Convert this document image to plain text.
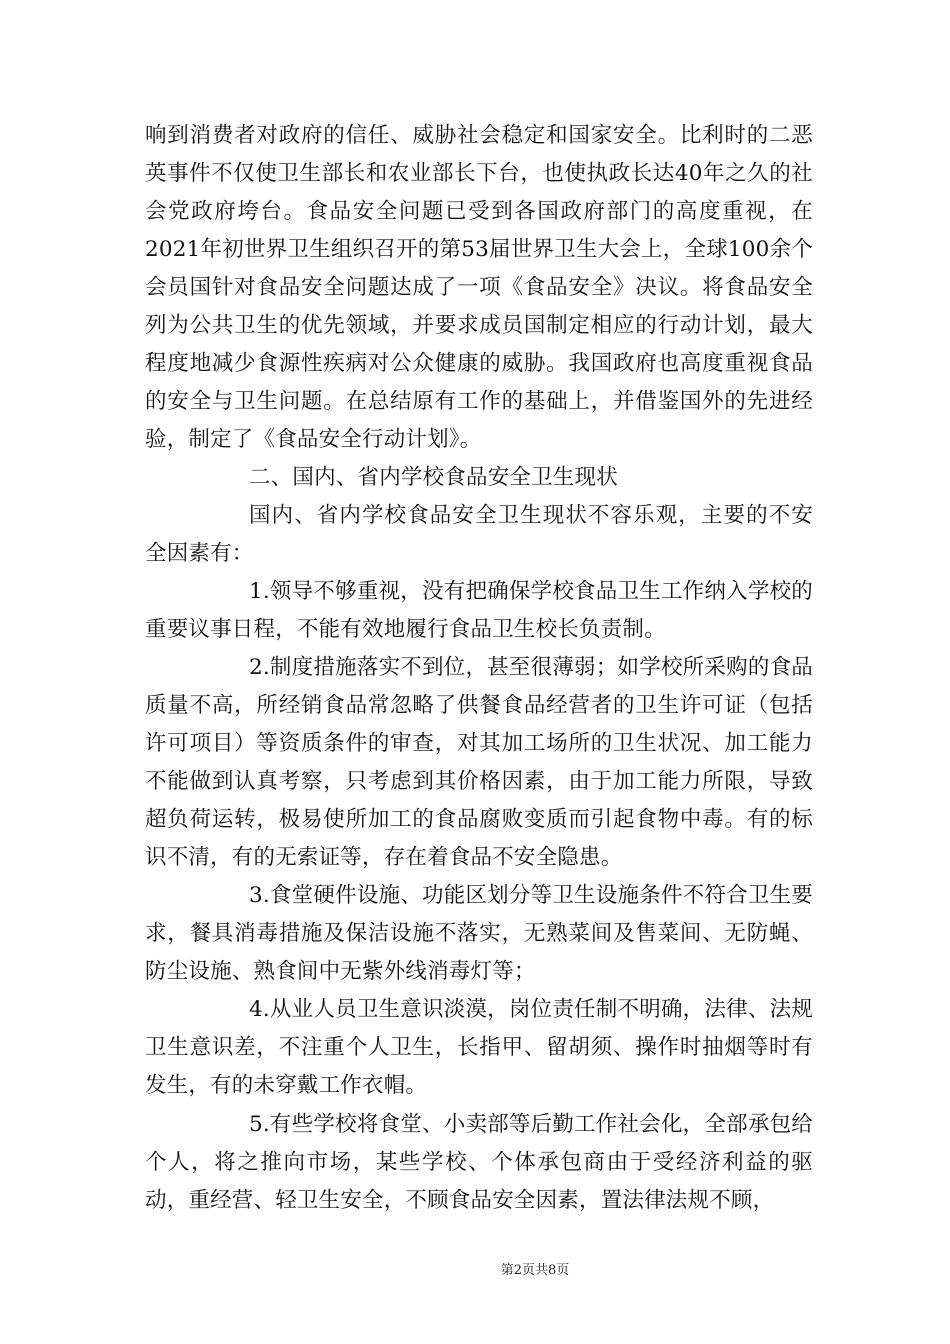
响到消费者对政府的信任、威胁社会稳定和国家安全。比利时的二恶英事件不仅使卫生部长和农业部长下台，也使执政长达40年之久的社会党政府垮台。食品安全问题已受到各国政府部门的高度重视，在2021年初世界卫生组织召开的第53届世界卫生大会上，全球100余个会员国针对食品安全问题达成了一项《食品安全》决议。将食品安全列为公共卫生的优先领域，并要求成员国制定相应的行动计划，最大程度地减少食源性疾病对公众健康的威胁。我国政府也高度重视食品的安全与卫生问题。在总结原有工作的基础上，并借鉴国外的先进经验，制定了《食品安全行动计划》。

二、国内、省内学校食品安全卫生现状

国内、省内学校食品安全卫生现状不容乐观，主要的不安全因素有：

1.领导不够重视，没有把确保学校食品卫生工作纳入学校的重要议事日程，不能有效地履行食品卫生校长负责制。

2.制度措施落实不到位，甚至很薄弱；如学校所采购的食品质量不高，所经销食品常忽略了供餐食品经营者的卫生许可证（包括许可项目）等资质条件的审查，对其加工场所的卫生状况、加工能力不能做到认真考察，只考虑到其价格因素，由于加工能力所限，导致超负荷运转，极易使所加工的食品腐败变质而引起食物中毒。有的标识不清，有的无索证等，存在着食品不安全隐患。

3.食堂硬件设施、功能区划分等卫生设施条件不符合卫生要求，餐具消毒措施及保洁设施不落实，无熟菜间及售菜间、无防蝇、防尘设施、熟食间中无紫外线消毒灯等；

4.从业人员卫生意识淡漠，岗位责任制不明确，法律、法规卫生意识差，不注重个人卫生，长指甲、留胡须、操作时抽烟等时有发生，有的未穿戴工作衣帽。

5.有些学校将食堂、小卖部等后勤工作社会化，全部承包给个人，将之推向市场，某些学校、个体承包商由于受经济利益的驱动，重经营、轻卫生安全，不顾食品安全因素，置法律法规不顾，

第2页共8页
